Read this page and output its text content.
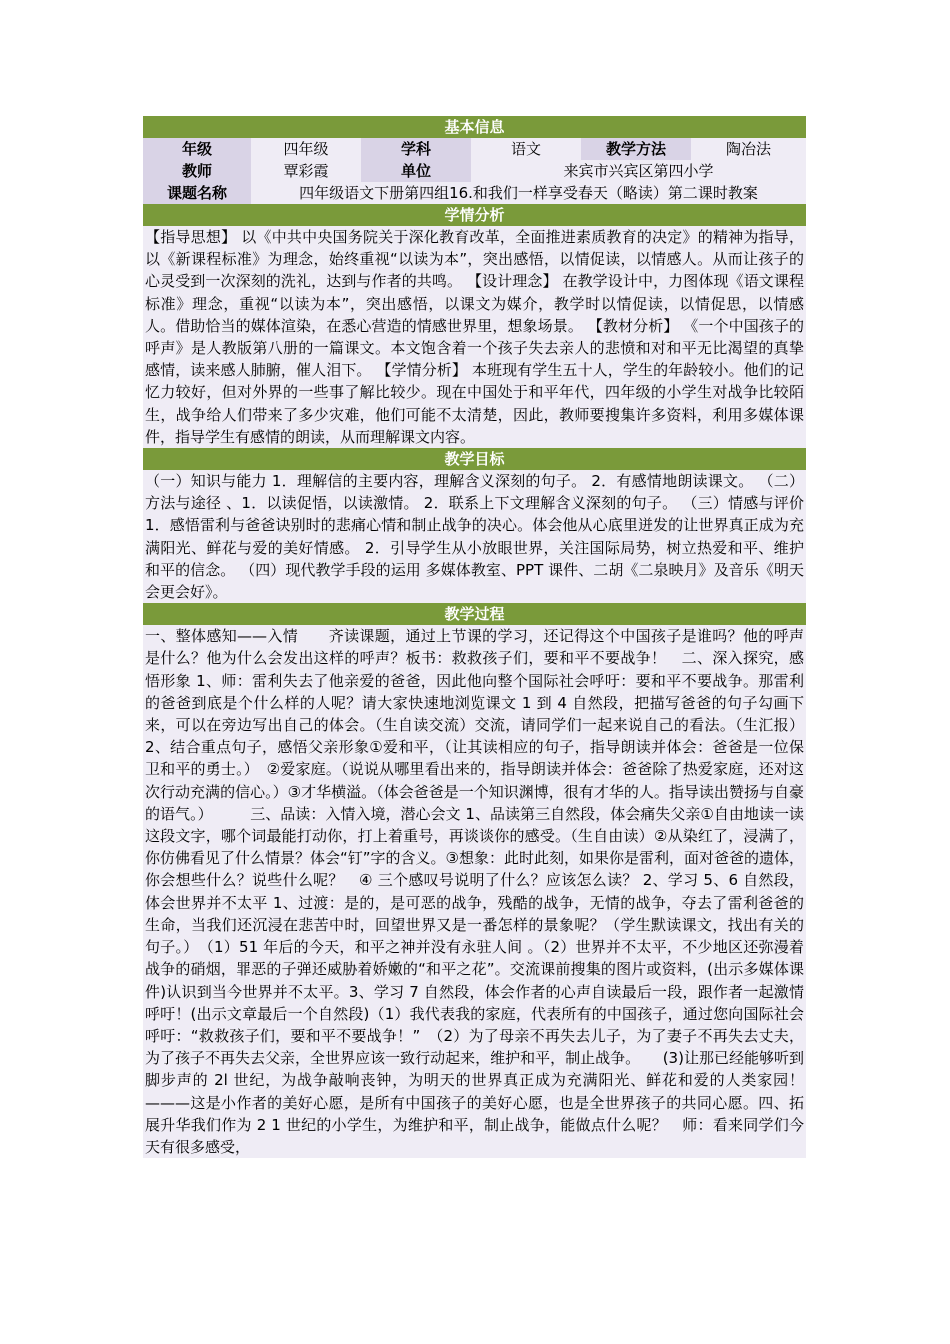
基本信息
年级	四年级	学科	语文	教学方法	陶冶法
教师	覃彩霞	单位	来宾市兴宾区第四小学		
课题名称	四年级语文下册第四组16.和我们一样享受春天（略读）第二课时教案				
学情分析

【指导思想】 以《中共中央国务院关于深化教育改革，全面推进素质教育的决定》的精神为指导，以《新课程标准》为理念，始终重视“以读为本”，突出感悟，以情促读，以情感人。从而让孩子的心灵受到一次深刻的洗礼，达到与作者的共鸣。 【设计理念】 在教学设计中，力图体现《语文课程标准》理念，重视“以读为本”，突出感悟，以课文为媒介，教学时以情促读，以情促思，以情感人。借助恰当的媒体渲染，在悉心营造的情感世界里，想象场景。 【教材分析】 《一个中国孩子的呼声》是人教版第八册的一篇课文。本文饱含着一个孩子失去亲人的悲愤和对和平无比渴望的真挚感情，读来感人肺腑，催人泪下。 【学情分析】 本班现有学生五十人，学生的年龄较小。他们的记忆力较好，但对外界的一些事了解比较少。现在中国处于和平年代，四年级的小学生对战争比较陌生，战争给人们带来了多少灾难，他们可能不太清楚，因此，教师要搜集许多资料，利用多媒体课件，指导学生有感情的朗读，从而理解课文内容。

教学目标

（一）知识与能力 1．理解信的主要内容，理解含义深刻的句子。 2．有感情地朗读课文。 （二）方法与途径 、1．以读促悟，以读激情。 2．联系上下文理解含义深刻的句子。 （三）情感与评价 1．感悟雷利与爸爸诀别时的悲痛心情和制止战争的决心。体会他从心底里迸发的让世界真正成为充满阳光、鲜花与爱的美好情感。 2．引导学生从小放眼世界，关注国际局势，树立热爱和平、维护和平的信念。 （四）现代教学手段的运用 多媒体教室、PPT 课件、二胡《二泉映月》及音乐《明天会更会好》。

教学过程

一、整体感知——入情　　齐读课题，通过上节课的学习，还记得这个中国孩子是谁吗？他的呼声是什么？他为什么会发出这样的呼声？板书：救救孩子们，要和平不要战争！　二、深入探究，感悟形象 1、师：雷利失去了他亲爱的爸爸，因此他向整个国际社会呼吁：要和平不要战争。那雷利的爸爸到底是个什么样的人呢？请大家快速地浏览课文 1 到 4 自然段，把描写爸爸的句子勾画下来，可以在旁边写出自己的体会。（生自读交流）交流，请同学们一起来说自己的看法。（生汇报）2、结合重点句子，感悟父亲形象①爱和平，（让其读相应的句子，指导朗读并体会：爸爸是一位保卫和平的勇士。）　②爱家庭。（说说从哪里看出来的，指导朗读并体会：爸爸除了热爱家庭，还对这次行动充满的信心。）③才华横溢。（体会爸爸是一个知识渊博，很有才华的人。指导读出赞扬与自豪的语气。）　　　三、品读：入情入境，潜心会文 1、品读第三自然段，体会痛失父亲①自由地读一读这段文字，哪个词最能打动你，打上着重号，再谈谈你的感受。（生自由读）②从染红了，浸满了，你仿佛看见了什么情景？体会“钉”字的含义。③想象：此时此刻，如果你是雷利，面对爸爸的遗体，你会想些什么？说些什么呢？　④ 三个感叹号说明了什么？应该怎么读？ 2、学习 5、6 自然段，体会世界并不太平 1、过渡：是的，是可恶的战争，残酷的战争，无情的战争，夺去了雷利爸爸的生命，当我们还沉浸在悲苦中时，回望世界又是一番怎样的景象呢？（学生默读课文，找出有关的句子。）　（1）51 年后的今天，和平之神并没有永驻人间 。（2）世界并不太平，不少地区还弥漫着战争的硝烟，罪恶的子弹还威胁着娇嫩的“和平之花”。交流课前搜集的图片或资料，(出示多媒体课件)认识到当今世界并不太平。3、学习 7 自然段，体会作者的心声自读最后一段，跟作者一起激情呼吁！(出示文章最后一个自然段)（1）我代表我的家庭，代表所有的中国孩子，通过您向国际社会呼吁：“救救孩子们，要和平不要战争！”　（2）为了母亲不再失去儿子，为了妻子不再失去丈夫，为了孩子不再失去父亲，全世界应该一致行动起来，维护和平，制止战争。　　(3)让那已经能够听到脚步声的 2l 世纪，为战争敲响丧钟，为明天的世界真正成为充满阳光、鲜花和爱的人类家园！　———这是小作者的美好心愿，是所有中国孩子的美好心愿，也是全世界孩子的共同心愿。四、拓展升华我们作为 2 1 世纪的小学生，为维护和平，制止战争，能做点什么呢？　师：看来同学们今天有很多感受，
